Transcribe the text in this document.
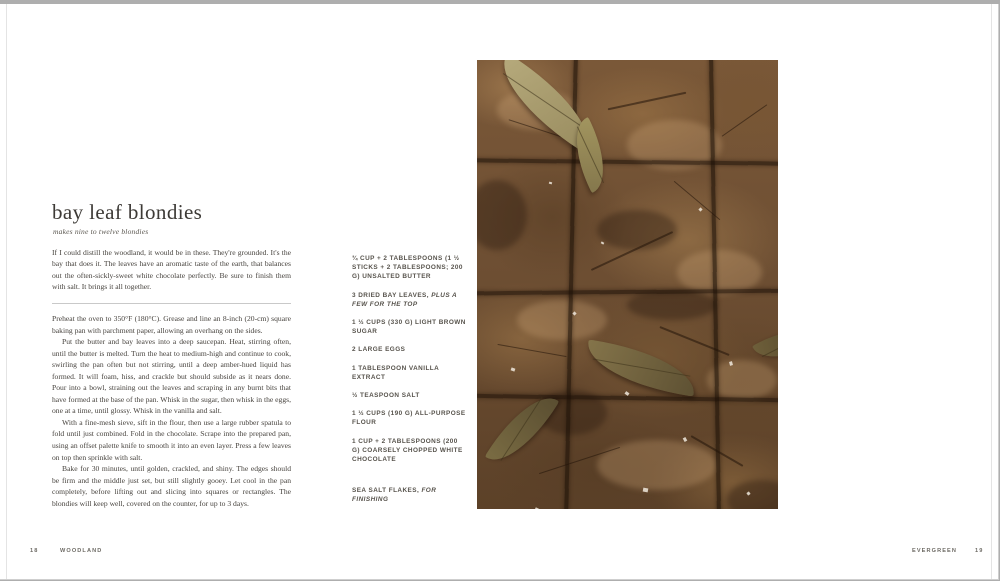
bay leaf blondies
makes nine to twelve blondies
If I could distill the woodland, it would be in these. They're grounded. It's the bay that does it. The leaves have an aromatic taste of the earth, that balances out the often-sickly-sweet white chocolate perfectly. Be sure to finish them with salt. It brings it all together.

Preheat the oven to 350°F (180°C). Grease and line an 8-inch (20-cm) square baking pan with parchment paper, allowing an overhang on the sides.

Put the butter and bay leaves into a deep saucepan. Heat, stirring often, until the butter is melted. Turn the heat to medium-high and continue to cook, swirling the pan often but not stirring, until a deep amber-hued liquid has formed. It will foam, hiss, and crackle but should subside as it nears done. Pour into a bowl, straining out the leaves and scraping in any burnt bits that have formed at the base of the pan. Whisk in the sugar, then whisk in the eggs, one at a time, until glossy. Whisk in the vanilla and salt.

With a fine-mesh sieve, sift in the flour, then use a large rubber spatula to fold until just combined. Fold in the chocolate. Scrape into the prepared pan, using an offset palette knife to smooth it into an even layer. Press a few leaves on top then sprinkle with salt.

Bake for 30 minutes, until golden, crackled, and shiny. The edges should be firm and the middle just set, but still slightly gooey. Let cool in the pan completely, before lifting out and slicing into squares or rectangles. The blondies will keep well, covered on the counter, for up to 3 days.

¾ CUP + 2 TABLESPOONS (1 ½ STICKS + 2 TABLESPOONS; 200 G) UNSALTED BUTTER

3 DRIED BAY LEAVES, PLUS A FEW FOR THE TOP

1 ½ CUPS (330 G) LIGHT BROWN SUGAR

2 LARGE EGGS

1 TABLESPOON VANILLA EXTRACT

½ TEASPOON SALT

1 ½ CUPS (190 G) ALL-PURPOSE FLOUR

1 CUP + 2 TABLESPOONS (200 G) COARSELY CHOPPED WHITE CHOCOLATE

SEA SALT FLAKES, FOR FINISHING

18	WOODLAND	EVERGREEN	19
